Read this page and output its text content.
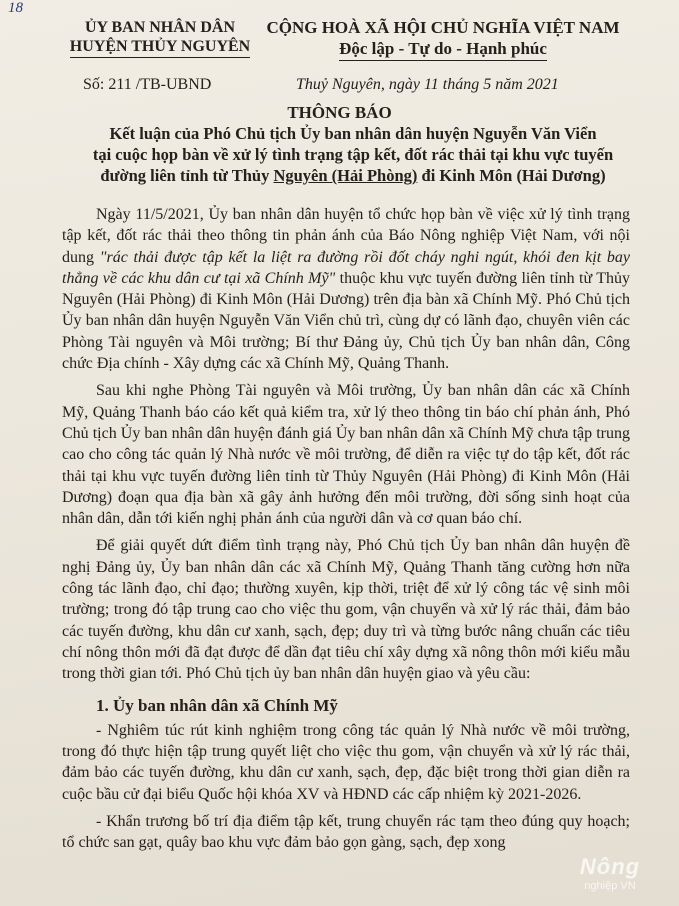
18
ỦY BAN NHÂN DÂN
HUYỆN THỦY NGUYÊN
CỘNG HOÀ XÃ HỘI CHỦ NGHĨA VIỆT NAM
Độc lập - Tự do - Hạnh phúc
Số: 211 /TB-UBND	Thuỷ Nguyên, ngày 11 tháng 5 năm 2021
THÔNG BÁO
Kết luận của Phó Chủ tịch Ủy ban nhân dân huyện Nguyễn Văn Viển
tại cuộc họp bàn về xử lý tình trạng tập kết, đốt rác thải tại khu vực tuyến
đường liên tỉnh từ Thủy Nguyên (Hải Phòng) đi Kinh Môn (Hải Dương)

Ngày 11/5/2021, Ủy ban nhân dân huyện tổ chức họp bàn về việc xử lý tình trạng tập kết, đốt rác thải theo thông tin phản ánh của Báo Nông nghiệp Việt Nam, với nội dung "rác thải được tập kết la liệt ra đường rồi đốt cháy nghi ngút, khói đen kịt bay thẳng về các khu dân cư tại xã Chính Mỹ" thuộc khu vực tuyến đường liên tỉnh từ Thủy Nguyên (Hải Phòng) đi Kinh Môn (Hải Dương) trên địa bàn xã Chính Mỹ. Phó Chủ tịch Ủy ban nhân dân huyện Nguyễn Văn Viển chủ trì, cùng dự có lãnh đạo, chuyên viên các Phòng Tài nguyên và Môi trường; Bí thư Đảng ủy, Chủ tịch Ủy ban nhân dân, Công chức Địa chính - Xây dựng các xã Chính Mỹ, Quảng Thanh.

Sau khi nghe Phòng Tài nguyên và Môi trường, Ủy ban nhân dân các xã Chính Mỹ, Quảng Thanh báo cáo kết quả kiểm tra, xử lý theo thông tin báo chí phản ánh, Phó Chủ tịch Ủy ban nhân dân huyện đánh giá Ủy ban nhân dân xã Chính Mỹ chưa tập trung cao cho công tác quản lý Nhà nước về môi trường, để diễn ra việc tự do tập kết, đốt rác thải tại khu vực tuyến đường liên tỉnh từ Thủy Nguyên (Hải Phòng) đi Kinh Môn (Hải Dương) đoạn qua địa bàn xã gây ảnh hưởng đến môi trường, đời sống sinh hoạt của nhân dân, dẫn tới kiến nghị phản ánh của người dân và cơ quan báo chí.

Để giải quyết dứt điểm tình trạng này, Phó Chủ tịch Ủy ban nhân dân huyện đề nghị Đảng ủy, Ủy ban nhân dân các xã Chính Mỹ, Quảng Thanh tăng cường hơn nữa công tác lãnh đạo, chỉ đạo; thường xuyên, kịp thời, triệt để xử lý công tác vệ sinh môi trường; trong đó tập trung cao cho việc thu gom, vận chuyển và xử lý rác thải, đảm bảo các tuyến đường, khu dân cư xanh, sạch, đẹp; duy trì và từng bước nâng chuẩn các tiêu chí nông thôn mới đã đạt được để dần đạt tiêu chí xây dựng xã nông thôn mới kiểu mẫu trong thời gian tới. Phó Chủ tịch ủy ban nhân dân huyện giao và yêu cầu:

1. Ủy ban nhân dân xã Chính Mỹ

- Nghiêm túc rút kinh nghiệm trong công tác quản lý Nhà nước về môi trường, trong đó thực hiện tập trung quyết liệt cho việc thu gom, vận chuyển và xử lý rác thải, đảm bảo các tuyến đường, khu dân cư xanh, sạch, đẹp, đặc biệt trong thời gian diễn ra cuộc bầu cử đại biểu Quốc hội khóa XV và HĐND các cấp nhiệm kỳ 2021-2026.

- Khẩn trương bố trí địa điểm tập kết, trung chuyển rác tạm theo đúng quy hoạch; tổ chức san gạt, quây bao khu vực đảm bảo gọn gàng, sạch, đẹp xong

Nông
nghiệp VN
